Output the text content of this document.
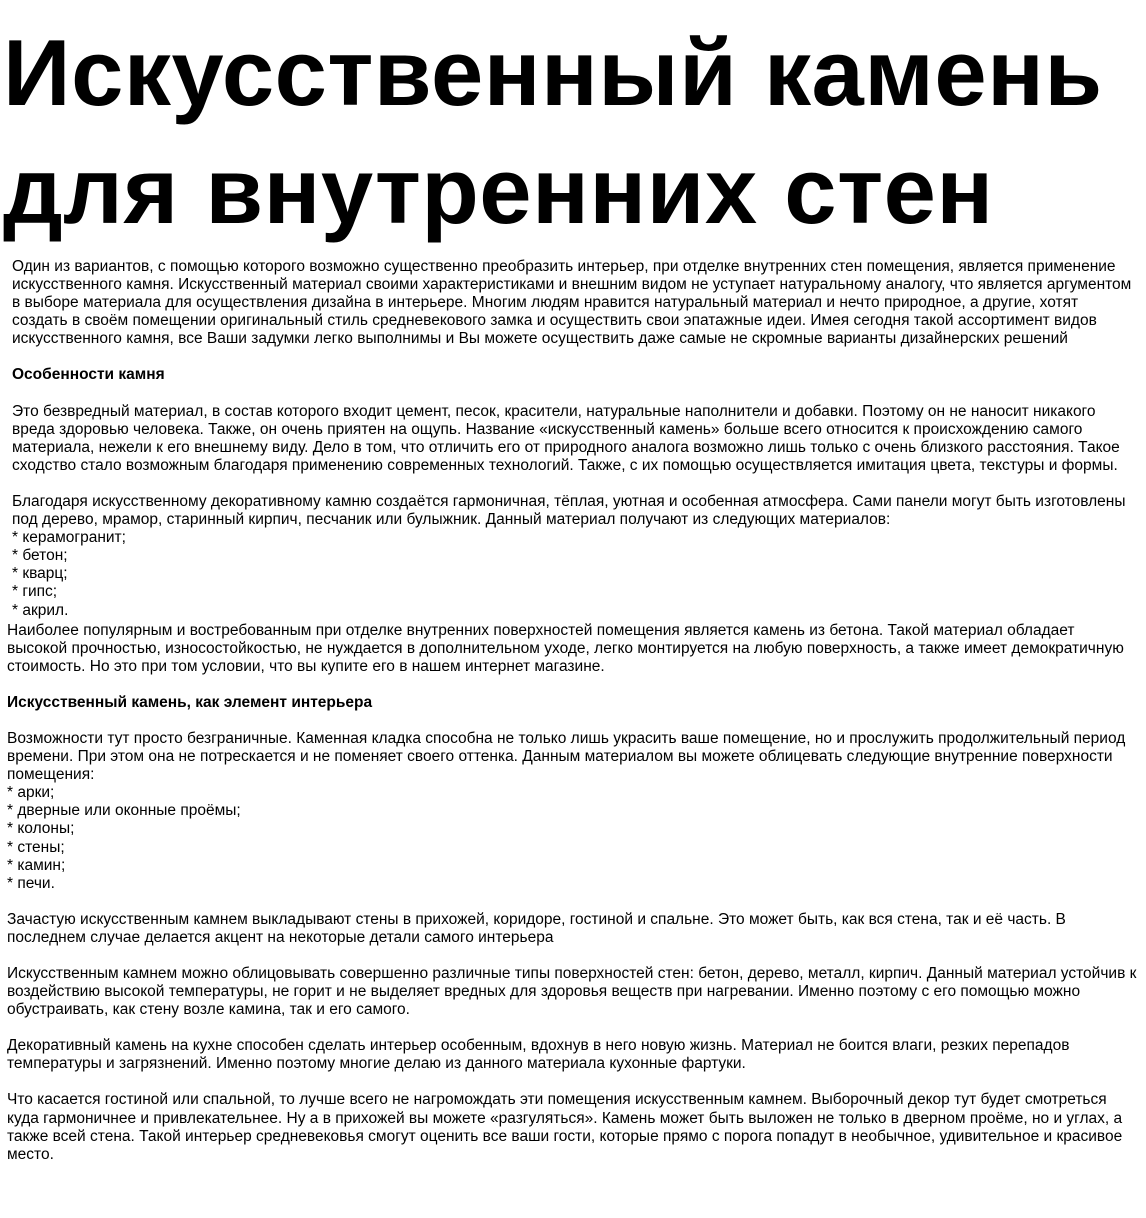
Искусственный камень
для внутренних стен

Один из вариантов, с помощью которого возможно существенно преобразить интерьер, при отделке внутренних стен помещения, является применение искусственного камня. Искусственный материал своими характеристиками и внешним видом не уступает натуральному аналогу, что является аргументом в выборе материала для осуществления дизайна в интерьере. Многим людям нравится натуральный материал и нечто природное, а другие, хотят создать в своём помещении оригинальный стиль средневекового замка и осуществить свои эпатажные идеи. Имея сегодня такой ассортимент видов искусственного камня, все Ваши задумки легко выполнимы и Вы можете осуществить даже самые не скромные варианты дизайнерских решений

Особенности камня

Это безвредный материал, в состав которого входит цемент, песок, красители, натуральные наполнители и добавки. Поэтому он не наносит никакого вреда здоровью человека. Также, он очень приятен на ощупь. Название «искусственный камень» больше всего относится к происхождению самого материала, нежели к его внешнему виду. Дело в том, что отличить его от природного аналога возможно лишь только с очень близкого расстояния. Такое сходство стало возможным благодаря применению современных технологий. Также, с их помощью осуществляется имитация цвета, текстуры и формы.

Благодаря искусственному декоративному камню создаётся гармоничная, тёплая, уютная и особенная атмосфера. Сами панели могут быть изготовлены под дерево, мрамор, старинный кирпич, песчаник или булыжник. Данный материал получают из следующих материалов:
* керамогранит;
* бетон;
* кварц;
* гипс;
* акрил.

Наиболее популярным и востребованным при отделке внутренних поверхностей помещения является камень из бетона. Такой материал обладает высокой прочностью, износостойкостью, не нуждается в дополнительном уходе, легко монтируется на любую поверхность, а также имеет демократичную стоимость. Но это при том условии, что вы купите его в нашем интернет магазине.

Искусственный камень, как элемент интерьера

Возможности тут просто безграничные. Каменная кладка способна не только лишь украсить ваше помещение, но и прослужить продолжительный период времени. При этом она не потрескается и не поменяет своего оттенка. Данным материалом вы можете облицевать следующие внутренние поверхности помещения:
* арки;
* дверные или оконные проёмы;
* колоны;
* стены;
* камин;
* печи.

Зачастую искусственным камнем выкладывают стены в прихожей, коридоре, гостиной и спальне. Это может быть, как вся стена, так и её часть. В последнем случае делается акцент на некоторые детали самого интерьера

Искусственным камнем можно облицовывать совершенно различные типы поверхностей стен: бетон, дерево, металл, кирпич. Данный материал устойчив к воздействию высокой температуры, не горит и не выделяет вредных для здоровья веществ при нагревании. Именно поэтому с его помощью можно обустраивать, как стену возле камина, так и его самого.

Декоративный камень на кухне способен сделать интерьер особенным, вдохнув в него новую жизнь. Материал не боится влаги, резких перепадов температуры и загрязнений. Именно поэтому многие делаю из данного материала кухонные фартуки.

Что касается гостиной или спальной, то лучше всего не нагромождать эти помещения искусственным камнем. Выборочный декор тут будет смотреться куда гармоничнее и привлекательнее. Ну а в прихожей вы можете «разгуляться». Камень может быть выложен не только в дверном проёме, но и углах, а также всей стена. Такой интерьер средневековья смогут оценить все ваши гости, которые прямо с порога попадут в необычное, удивительное и красивое место.
